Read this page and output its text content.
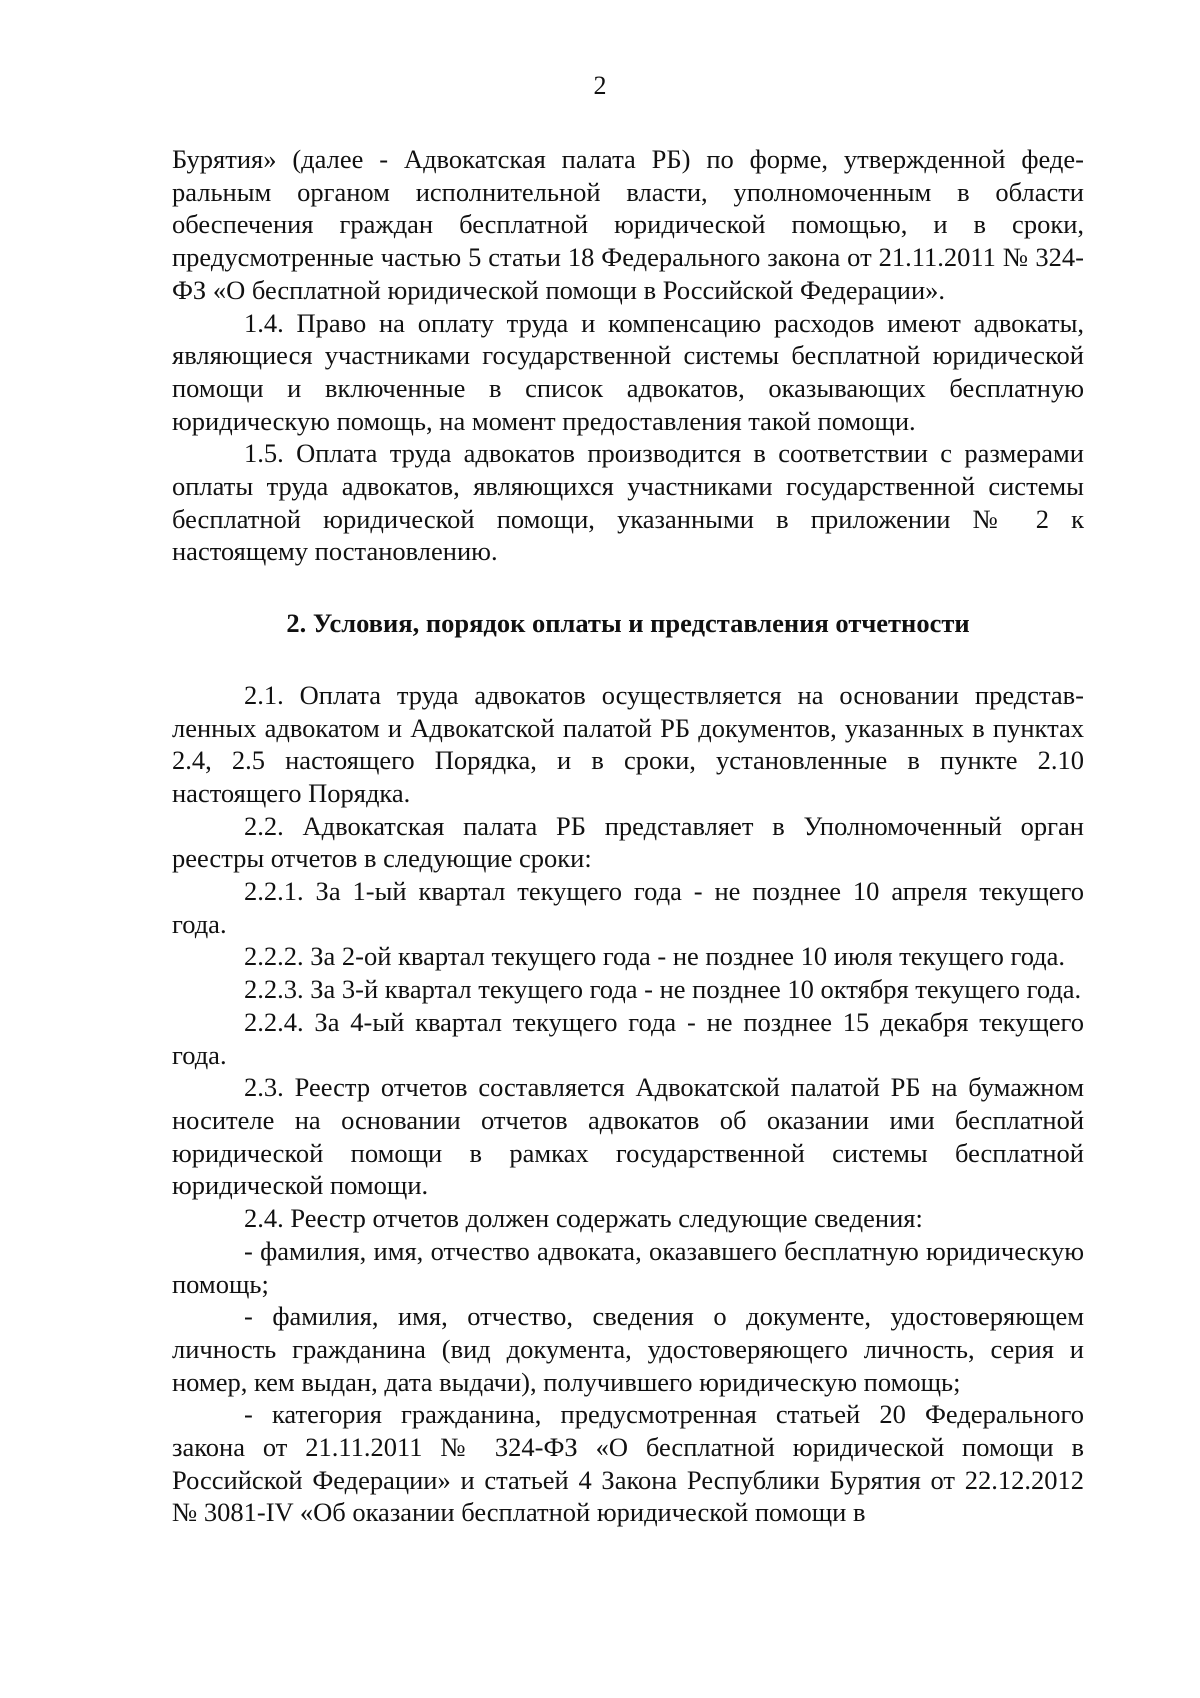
2

Бурятия» (далее - Адвокатская палата РБ) по форме, утвержденной федеральным органом исполнительной власти, уполномоченным в области обеспечения граждан бесплатной юридической помощью, и в сроки, предусмотренные частью 5 статьи 18 Федерального закона от 21.11.2011 № 324-ФЗ «О бесплатной юридической помощи в Российской Федерации».

1.4. Право на оплату труда и компенсацию расходов имеют адвокаты, являющиеся участниками государственной системы бесплатной юридической помощи и включенные в список адвокатов, оказывающих бесплатную юридическую помощь, на момент предоставления такой помощи.

1.5. Оплата труда адвокатов производится в соответствии с размерами оплаты труда адвокатов, являющихся участниками государственной системы бесплатной юридической помощи, указанными в приложении № 2 к настоящему постановлению.

2. Условия, порядок оплаты и представления отчетности

2.1. Оплата труда адвокатов осуществляется на основании представленных адвокатом и Адвокатской палатой РБ документов, указанных в пунктах 2.4, 2.5 настоящего Порядка, и в сроки, установленные в пункте 2.10 настоящего Порядка.

2.2. Адвокатская палата РБ представляет в Уполномоченный орган реестры отчетов в следующие сроки:

2.2.1. За 1-ый квартал текущего года - не позднее 10 апреля текущего года.

2.2.2. За 2-ой квартал текущего года - не позднее 10 июля текущего года.

2.2.3. За 3-й квартал текущего года - не позднее 10 октября текущего года.

2.2.4. За 4-ый квартал текущего года - не позднее 15 декабря текущего года.

2.3. Реестр отчетов составляется Адвокатской палатой РБ на бумажном носителе на основании отчетов адвокатов об оказании ими бесплатной юридической помощи в рамках государственной системы бесплатной юридической помощи.

2.4. Реестр отчетов должен содержать следующие сведения:

- фамилия, имя, отчество адвоката, оказавшего бесплатную юридическую помощь;

- фамилия, имя, отчество, сведения о документе, удостоверяющем личность гражданина (вид документа, удостоверяющего личность, серия и номер, кем выдан, дата выдачи), получившего юридическую помощь;

- категория гражданина, предусмотренная статьей 20 Федерального закона от 21.11.2011 № 324-ФЗ «О бесплатной юридической помощи в Российской Федерации» и статьей 4 Закона Республики Бурятия от 22.12.2012 № 3081-IV «Об оказании бесплатной юридической помощи в
